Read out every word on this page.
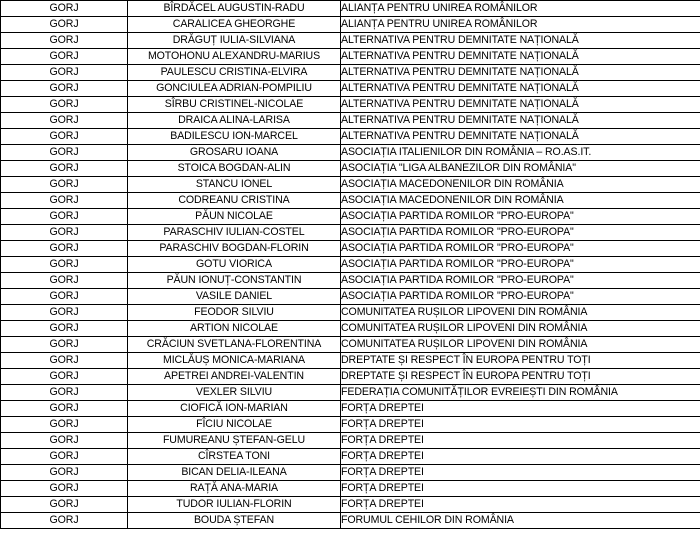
GORJ	BÎRDĂCEL AUGUSTIN-RADU	ALIANȚA PENTRU UNIREA ROMÂNILOR
GORJ	CARALICEA GHEORGHE	ALIANȚA PENTRU UNIREA ROMÂNILOR
GORJ	DRĂGUȚ IULIA-SILVIANA	ALTERNATIVA PENTRU DEMNITATE NAȚIONALĂ
GORJ	MOTOHONU ALEXANDRU-MARIUS	ALTERNATIVA PENTRU DEMNITATE NAȚIONALĂ
GORJ	PAULESCU CRISTINA-ELVIRA	ALTERNATIVA PENTRU DEMNITATE NAȚIONALĂ
GORJ	GONCIULEA ADRIAN-POMPILIU	ALTERNATIVA PENTRU DEMNITATE NAȚIONALĂ
GORJ	SÎRBU CRISTINEL-NICOLAE	ALTERNATIVA PENTRU DEMNITATE NAȚIONALĂ
GORJ	DRAICA ALINA-LARISA	ALTERNATIVA PENTRU DEMNITATE NAȚIONALĂ
GORJ	BADILESCU ION-MARCEL	ALTERNATIVA PENTRU DEMNITATE NAȚIONALĂ
GORJ	GROSARU IOANA	ASOCIAȚIA ITALIENILOR DIN ROMÂNIA – RO.AS.IT.
GORJ	STOICA BOGDAN-ALIN	ASOCIAȚIA "LIGA ALBANEZILOR DIN ROMÂNIA"
GORJ	STANCU IONEL	ASOCIAȚIA MACEDONENILOR DIN ROMÂNIA
GORJ	CODREANU CRISTINA	ASOCIAȚIA MACEDONENILOR DIN ROMÂNIA
GORJ	PĂUN NICOLAE	ASOCIAȚIA PARTIDA ROMILOR "PRO-EUROPA"
GORJ	PARASCHIV IULIAN-COSTEL	ASOCIAȚIA PARTIDA ROMILOR "PRO-EUROPA"
GORJ	PARASCHIV BOGDAN-FLORIN	ASOCIAȚIA PARTIDA ROMILOR "PRO-EUROPA"
GORJ	GOTU VIORICA	ASOCIAȚIA PARTIDA ROMILOR "PRO-EUROPA"
GORJ	PĂUN IONUȚ-CONSTANTIN	ASOCIAȚIA PARTIDA ROMILOR "PRO-EUROPA"
GORJ	VASILE DANIEL	ASOCIAȚIA PARTIDA ROMILOR "PRO-EUROPA"
GORJ	FEODOR SILVIU	COMUNITATEA RUȘILOR LIPOVENI DIN ROMÂNIA
GORJ	ARTION NICOLAE	COMUNITATEA RUȘILOR LIPOVENI DIN ROMÂNIA
GORJ	CRĂCIUN SVETLANA-FLORENTINA	COMUNITATEA RUȘILOR LIPOVENI DIN ROMÂNIA
GORJ	MICLĂUȘ MONICA-MARIANA	DREPTATE ȘI RESPECT ÎN EUROPA PENTRU TOȚI
GORJ	APETREI ANDREI-VALENTIN	DREPTATE ȘI RESPECT ÎN EUROPA PENTRU TOȚI
GORJ	VEXLER SILVIU	FEDERAȚIA COMUNITĂȚILOR EVREIEȘTI DIN ROMÂNIA
GORJ	CIOFICĂ ION-MARIAN	FORȚA DREPTEI
GORJ	FÎCIU NICOLAE	FORȚA DREPTEI
GORJ	FUMUREANU ȘTEFAN-GELU	FORȚA DREPTEI
GORJ	CÎRSTEA TONI	FORȚA DREPTEI
GORJ	BICAN DELIA-ILEANA	FORȚA DREPTEI
GORJ	RAȚĂ ANA-MARIA	FORȚA DREPTEI
GORJ	TUDOR IULIAN-FLORIN	FORȚA DREPTEI
GORJ	BOUDA ȘTEFAN	FORUMUL CEHILOR DIN ROMÂNIA
